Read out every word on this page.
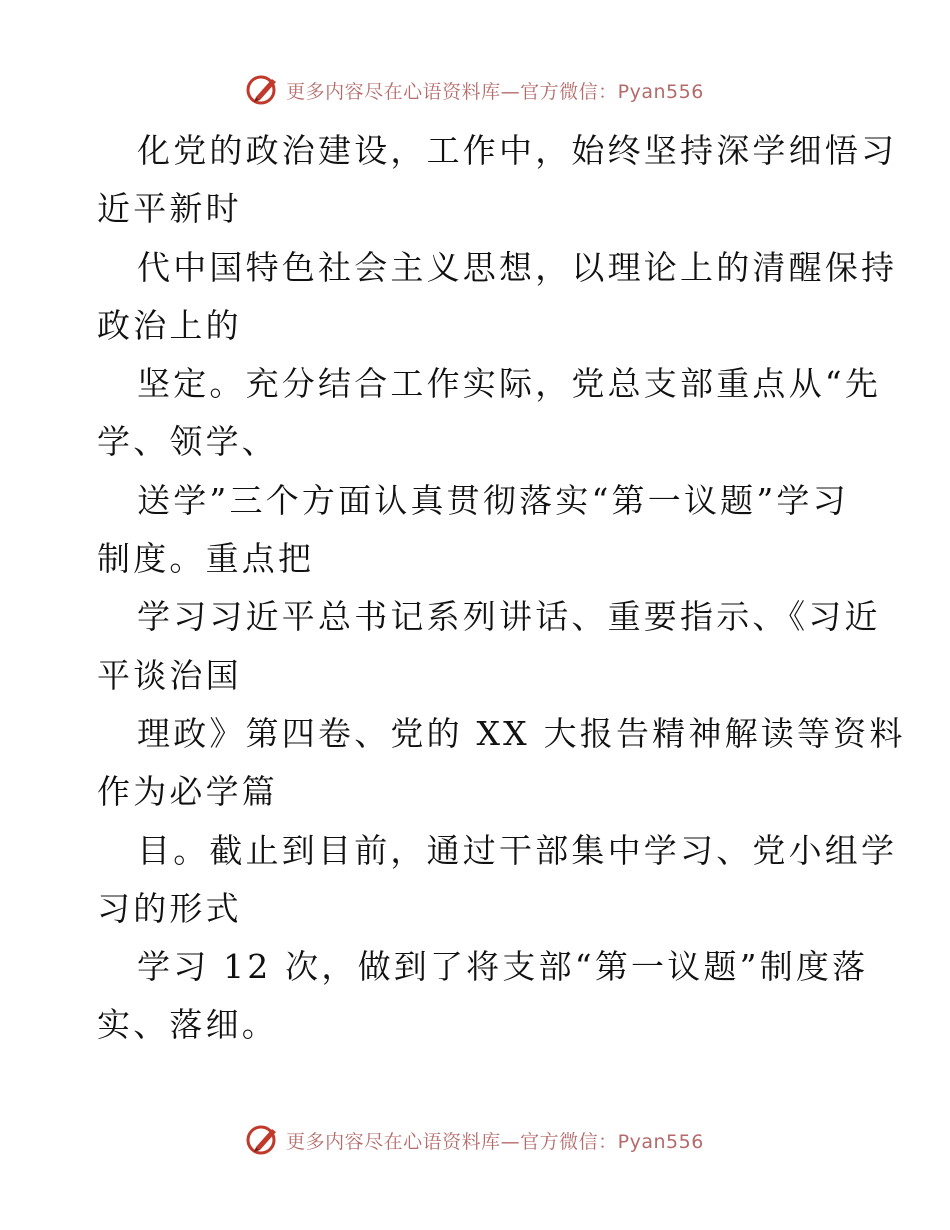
更多内容尽在心语资料库—官方微信：Pyan556
化党的政治建设，工作中，始终坚持深学细悟习
近平新时
代中国特色社会主义思想，以理论上的清醒保持
政治上的
坚定。充分结合工作实际，党总支部重点从“先
学、领学、
送学”三个方面认真贯彻落实“第一议题”学习
制度。重点把
学习习近平总书记系列讲话、重要指示、《习近
平谈治国
理政》第四卷、党的 XX 大报告精神解读等资料
作为必学篇
目。截止到目前，通过干部集中学习、党小组学
习的形式
学习 12 次，做到了将支部“第一议题”制度落
实、落细。
更多内容尽在心语资料库—官方微信：Pyan556
